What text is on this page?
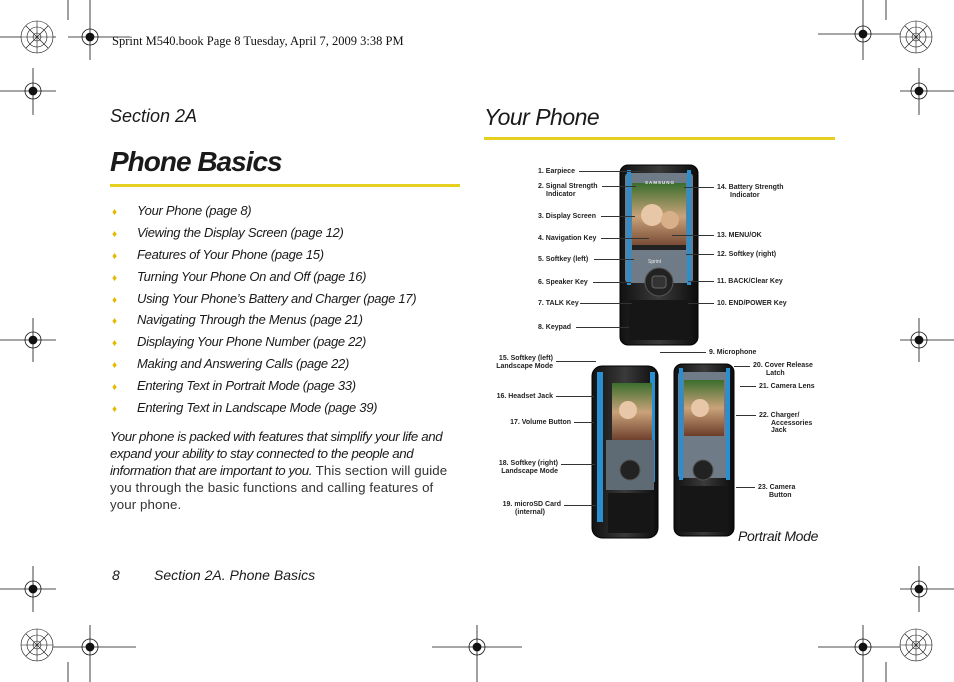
Sprint M540.book Page 8 Tuesday, April 7, 2009 3:38 PM
Section 2A
Phone Basics
♦ Your Phone (page 8)
♦ Viewing the Display Screen (page 12)
♦ Features of Your Phone (page 15)
♦ Turning Your Phone On and Off (page 16)
♦ Using Your Phone’s Battery and Charger (page 17)
♦ Navigating Through the Menus (page 21)
♦ Displaying Your Phone Number (page 22)
♦ Making and Answering Calls (page 22)
♦ Entering Text in Portrait Mode (page 33)
♦ Entering Text in Landscape Mode (page 39)

Your phone is packed with features that simplify your life and expand your ability to stay connected to the people and information that are important to you. This section will guide you through the basic functions and calling features of your phone.

8 Section 2A. Phone Basics
Your Phone
SAMSUNG
Sprint
1. Earpiece
2. Signal Strength
Indicator
3. Display Screen
4. Navigation Key
5. Softkey (left)
6. Speaker Key
7. TALK Key
8. Keypad
14. Battery Strength
Indicator
13. MENU/OK
12. Softkey (right)
11. BACK/Clear Key
10. END/POWER Key
9. Microphone
15. Softkey (left)
Landscape Mode
16. Headset Jack
17. Volume Button
18. Softkey (right)
Landscape Mode
19. microSD Card
(internal)
20. Cover Release
Latch
21. Camera Lens
22. Charger/
Accessories
Jack
23. Camera
Button
Portrait Mode
